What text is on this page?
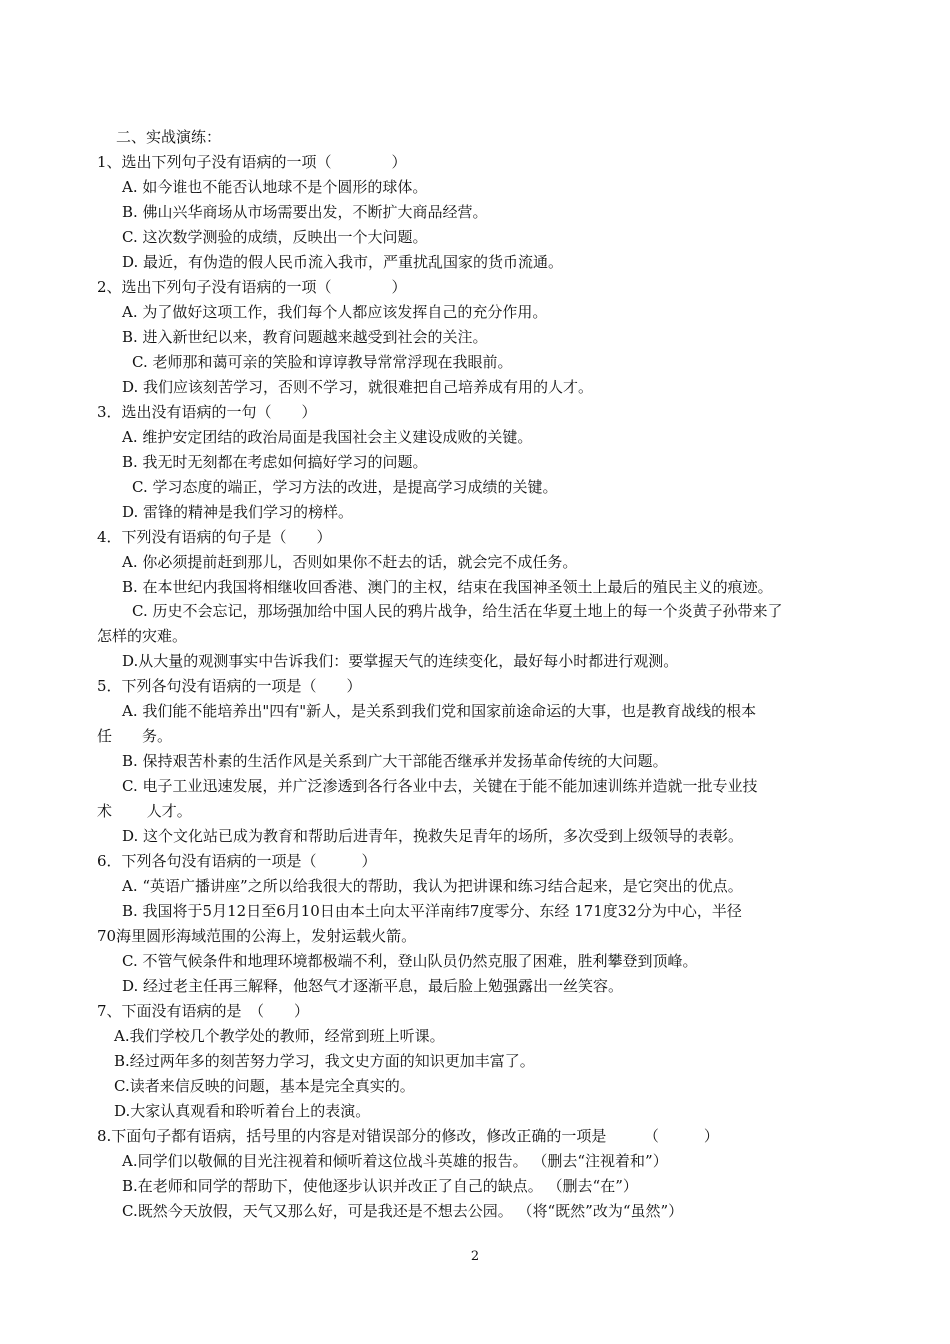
二、实战演练：
1、选出下列句子没有语病的一项（　　　　）
A. 如今谁也不能否认地球不是个圆形的球体。
B. 佛山兴华商场从市场需要出发，不断扩大商品经营。
C. 这次数学测验的成绩，反映出一个大问题。
D. 最近，有伪造的假人民币流入我市，严重扰乱国家的货币流通。
2、选出下列句子没有语病的一项（　　　　）
A. 为了做好这项工作，我们每个人都应该发挥自己的充分作用。
B. 进入新世纪以来，教育问题越来越受到社会的关注。
C. 老师那和蔼可亲的笑脸和谆谆教导常常浮现在我眼前。
D. 我们应该刻苦学习，否则不学习，就很难把自己培养成有用的人才。
3．选出没有语病的一句（　　）
A. 维护安定团结的政治局面是我国社会主义建设成败的关键。
B. 我无时无刻都在考虑如何搞好学习的问题。
C. 学习态度的端正，学习方法的改进，是提高学习成绩的关键。
D. 雷锋的精神是我们学习的榜样。
4．下列没有语病的句子是（　　）
A. 你必须提前赶到那儿，否则如果你不赶去的话，就会完不成任务。
B. 在本世纪内我国将相继收回香港、澳门的主权，结束在我国神圣领土上最后的殖民主义的痕迹。
C. 历史不会忘记，那场强加给中国人民的鸦片战争，给生活在华夏土地上的每一个炎黄子孙带来了
怎样的灾难。
D.从大量的观测事实中告诉我们：要掌握天气的连续变化，最好每小时都进行观测。
5．下列各句没有语病的一项是（　　）
A. 我们能不能培养出"四有"新人，是关系到我们党和国家前途命运的大事，也是教育战线的根本
任　　务。
B. 保持艰苦朴素的生活作风是关系到广大干部能否继承并发扬革命传统的大问题。
C. 电子工业迅速发展，并广泛渗透到各行各业中去，关键在于能不能加速训练并造就一批专业技
术　　 人才。
D. 这个文化站已成为教育和帮助后进青年，挽救失足青年的场所，多次受到上级领导的表彰。
6．下列各句没有语病的一项是（　　　）
A. “英语广播讲座”之所以给我很大的帮助，我认为把讲课和练习结合起来，是它突出的优点。
B. 我国将于5月12日至6月10日由本土向太平洋南纬7度零分、东经 171度32分为中心，半径
70海里圆形海域范围的公海上，发射运载火箭。
C. 不管气候条件和地理环境都极端不利，登山队员仍然克服了困难，胜利攀登到顶峰。
D. 经过老主任再三解释，他怒气才逐渐平息，最后脸上勉强露出一丝笑容。
7、下面没有语病的是　（　　）
A.我们学校几个教学处的教师，经常到班上听课。
B.经过两年多的刻苦努力学习，我文史方面的知识更加丰富了。
C.读者来信反映的问题，基本是完全真实的。
D.大家认真观看和聆听着台上的表演。
8.下面句子都有语病，括号里的内容是对错误部分的修改，修改正确的一项是　　　（　　　）
A.同学们以敬佩的目光注视着和倾听着这位战斗英雄的报告。 （删去“注视着和”）
B.在老师和同学的帮助下，使他逐步认识并改正了自己的缺点。 （删去“在”）
C.既然今天放假，天气又那么好，可是我还是不想去公园。 （将“既然”改为“虽然”）
2
